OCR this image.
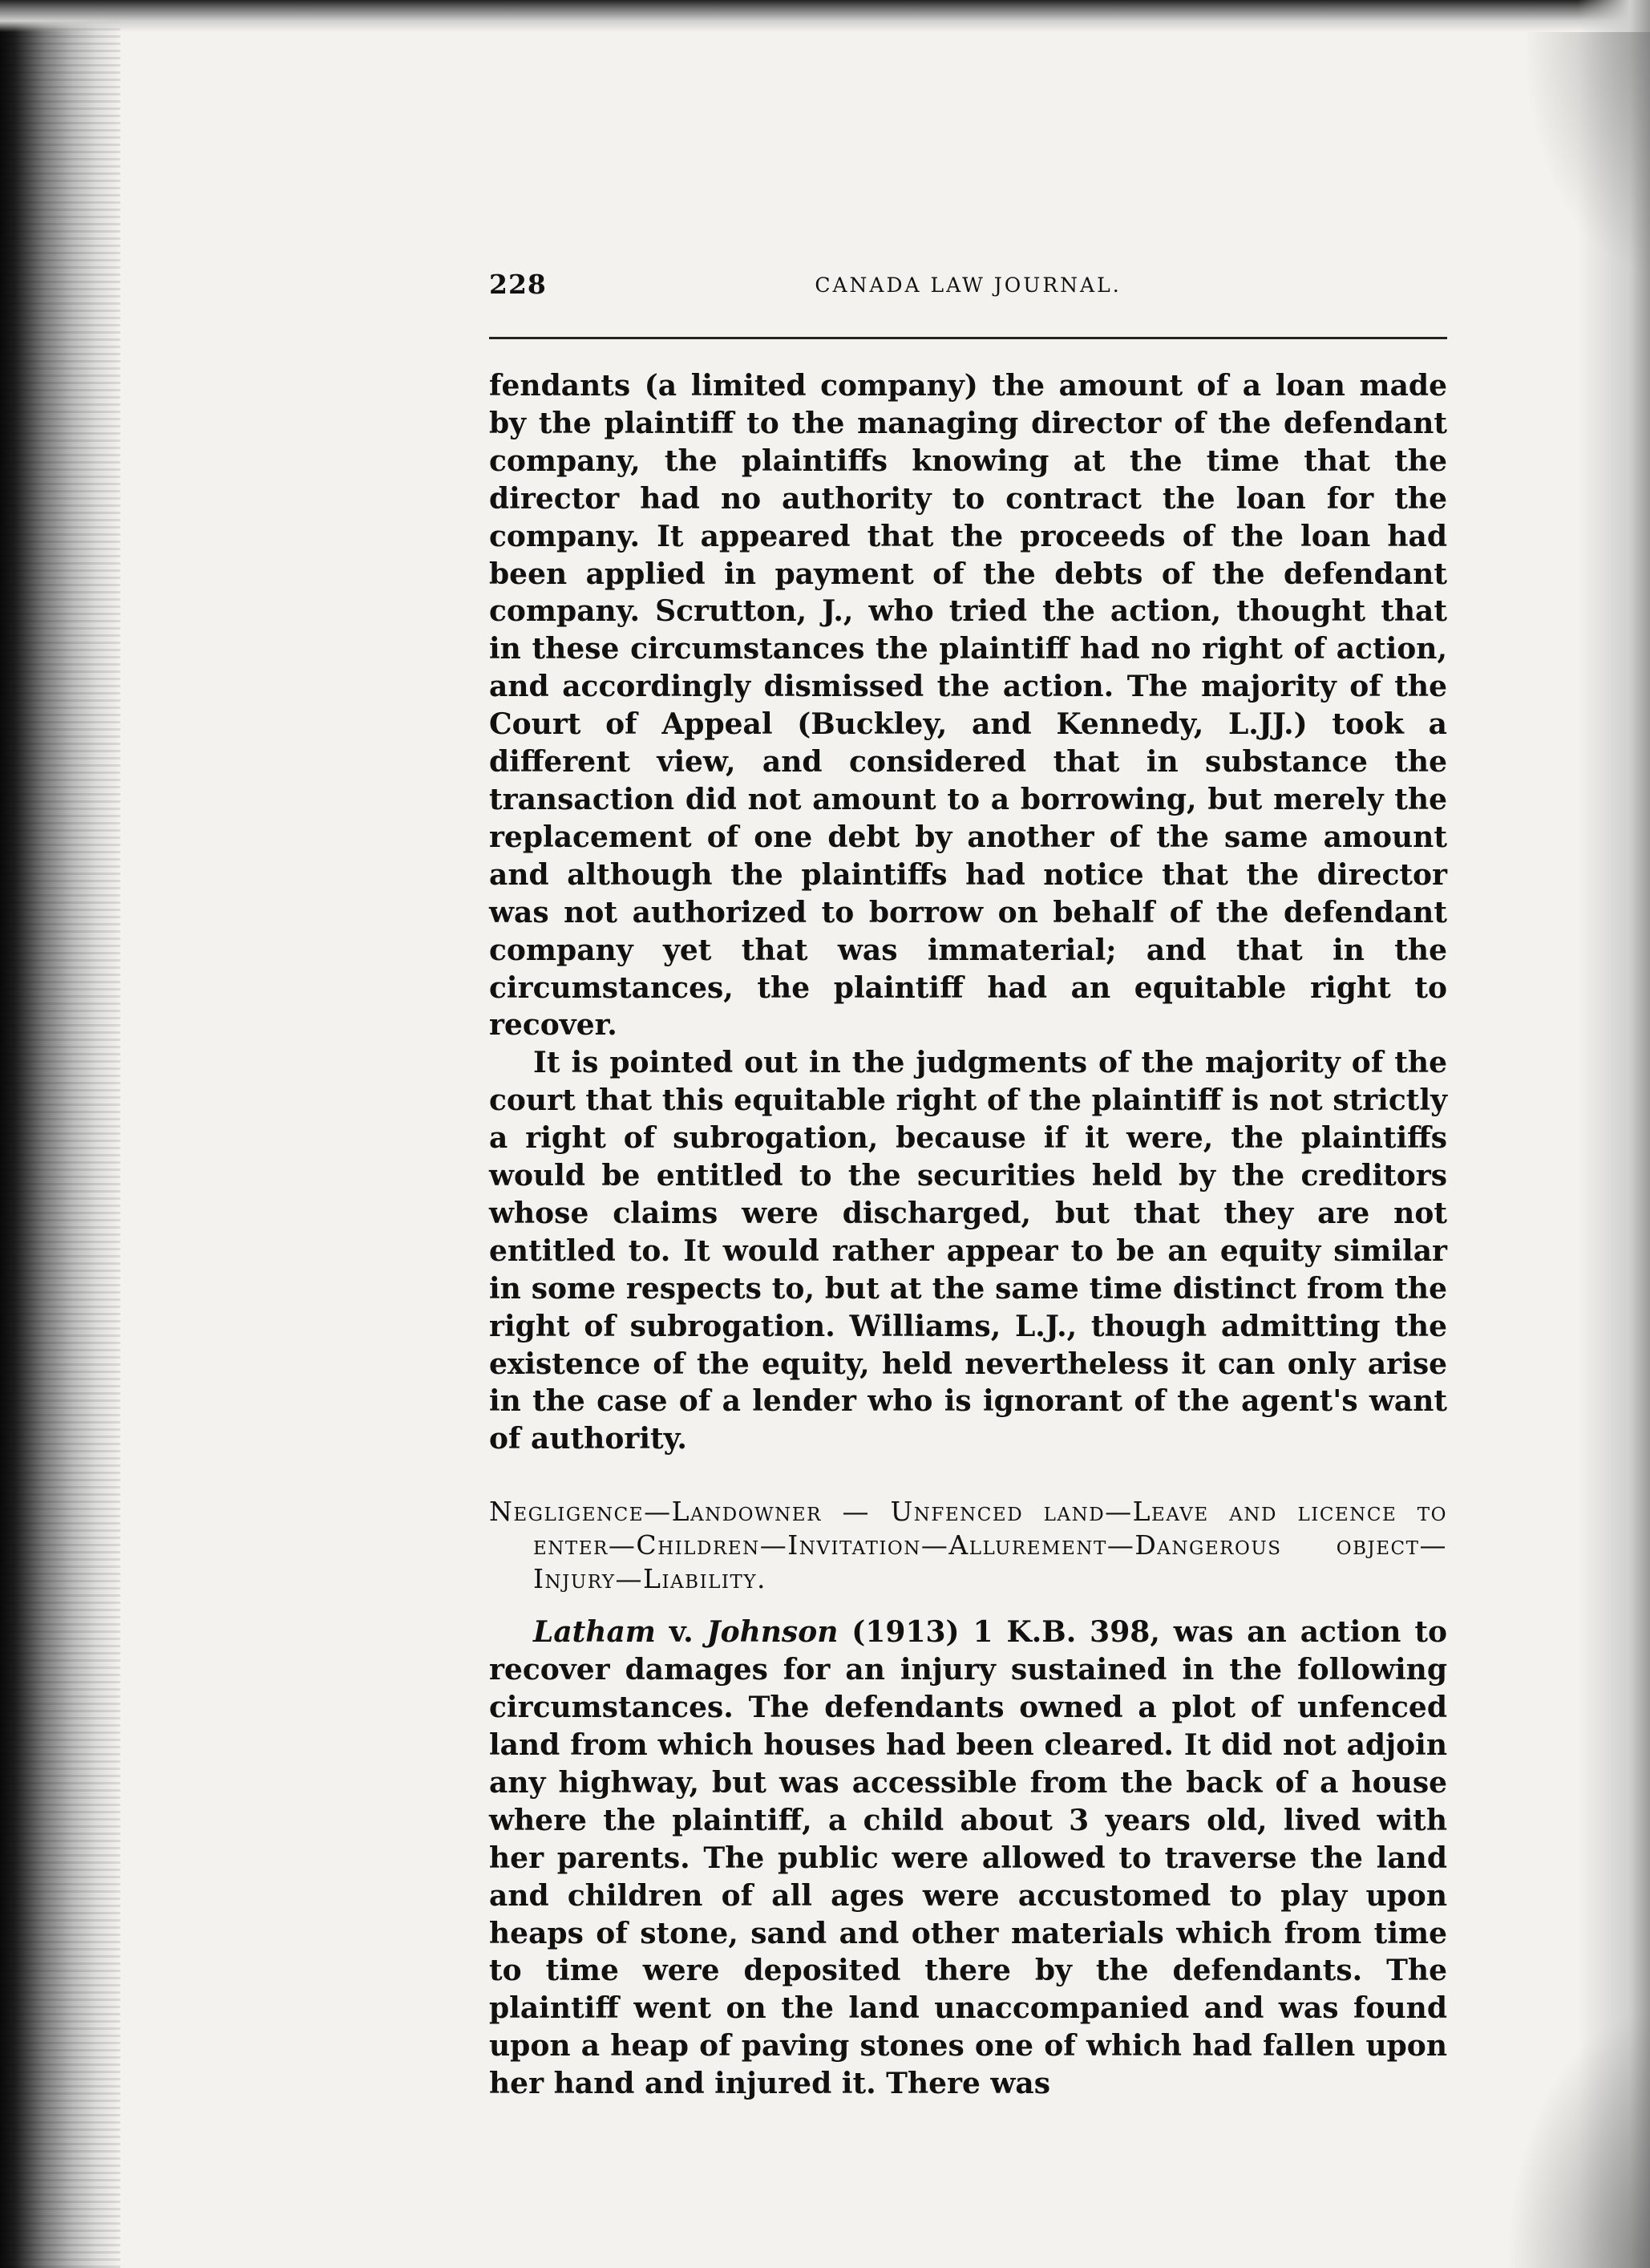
228	CANADA LAW JOURNAL.

fendants (a limited company) the amount of a loan made by the plaintiff to the managing director of the defendant company, the plaintiffs knowing at the time that the director had no authority to contract the loan for the company. It appeared that the proceeds of the loan had been applied in payment of the debts of the defendant company. Scrutton, J., who tried the action, thought that in these circumstances the plaintiff had no right of action, and accordingly dismissed the action. The majority of the Court of Appeal (Buckley, and Kennedy, L.JJ.) took a different view, and considered that in substance the transaction did not amount to a borrowing, but merely the replacement of one debt by another of the same amount and although the plaintiffs had notice that the director was not authorized to borrow on behalf of the defendant company yet that was immaterial; and that in the circumstances, the plaintiff had an equitable right to recover.

It is pointed out in the judgments of the majority of the court that this equitable right of the plaintiff is not strictly a right of subrogation, because if it were, the plaintiffs would be entitled to the securities held by the creditors whose claims were discharged, but that they are not entitled to. It would rather appear to be an equity similar in some respects to, but at the same time distinct from the right of subrogation. Williams, L.J., though admitting the existence of the equity, held nevertheless it can only arise in the case of a lender who is ignorant of the agent's want of authority.

Negligence—Landowner — Unfenced land—Leave and licence to enter—Children—Invitation—Allurement—Dangerous object—Injury—Liability.

Latham v. Johnson (1913) 1 K.B. 398, was an action to recover damages for an injury sustained in the following circumstances. The defendants owned a plot of unfenced land from which houses had been cleared. It did not adjoin any highway, but was accessible from the back of a house where the plaintiff, a child about 3 years old, lived with her parents. The public were allowed to traverse the land and children of all ages were accustomed to play upon heaps of stone, sand and other materials which from time to time were deposited there by the defendants. The plaintiff went on the land unaccompanied and was found upon a heap of paving stones one of which had fallen upon her hand and injured it. There was
